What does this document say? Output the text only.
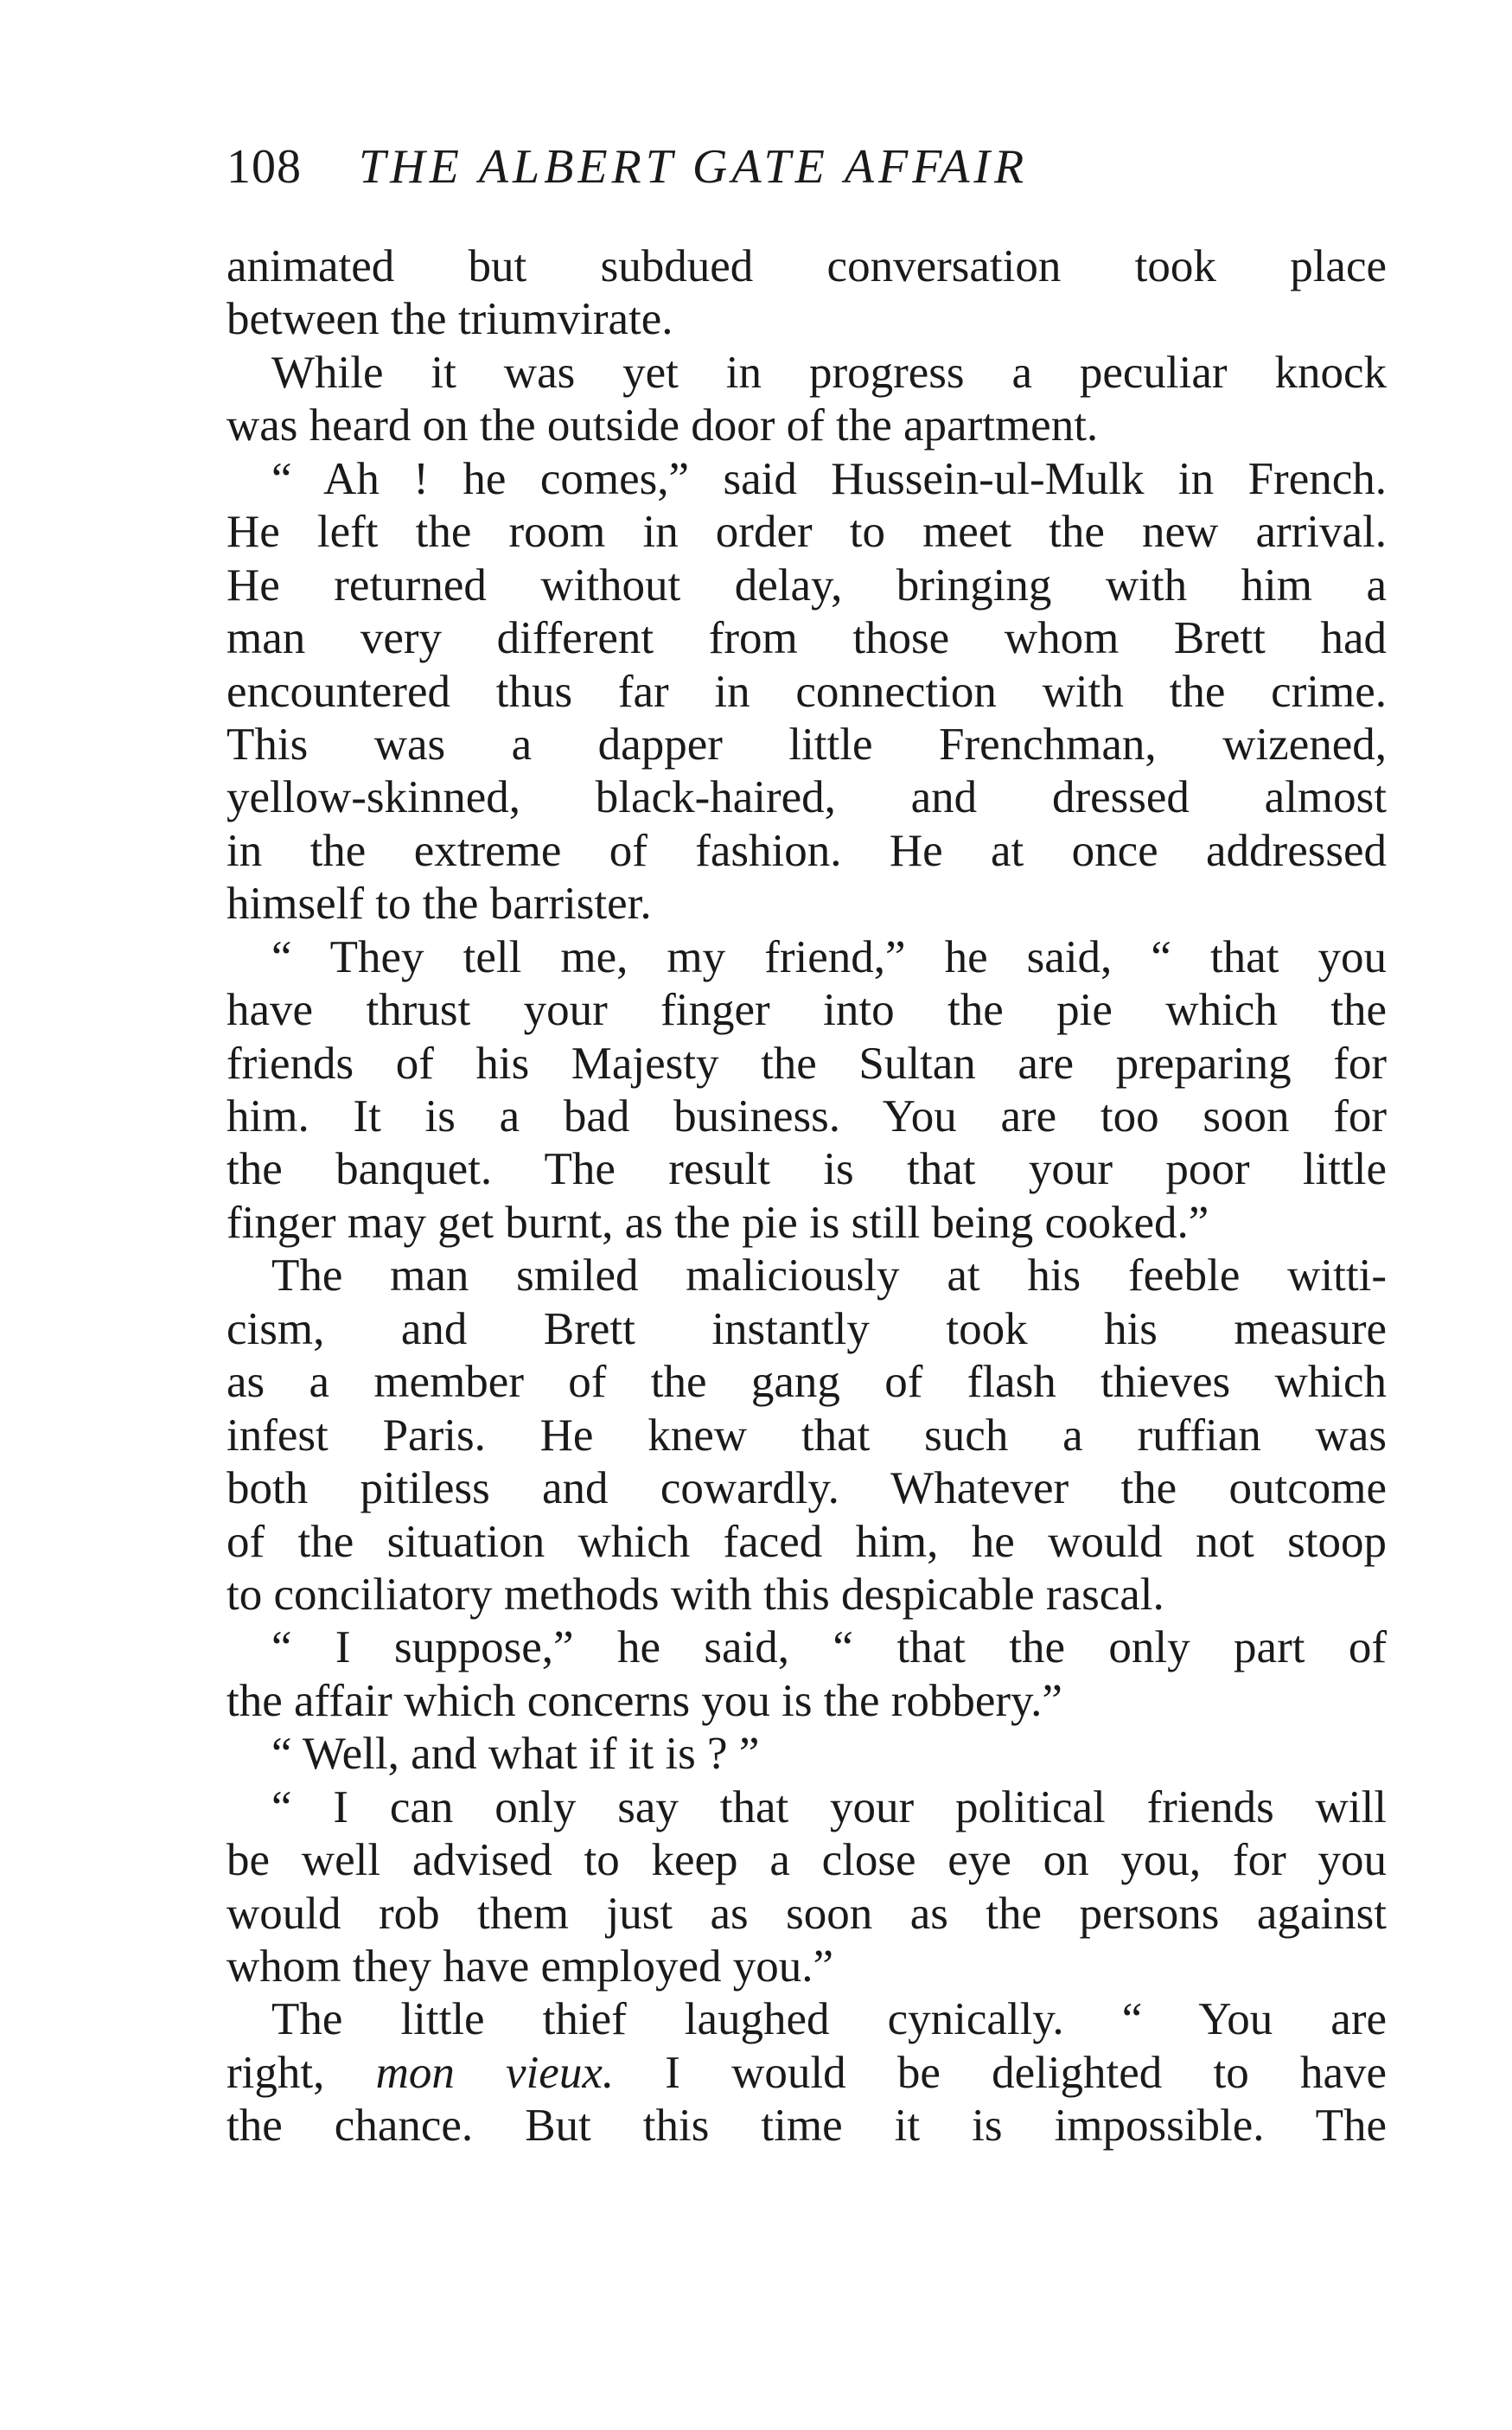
108 THE ALBERT GATE AFFAIR
animated but subdued conversation took place
between the triumvirate.
While it was yet in progress a peculiar knock
was heard on the outside door of the apartment.
“ Ah ! he comes,” said Hussein-ul-Mulk in French.
He left the room in order to meet the new arrival.
He returned without delay, bringing with him a
man very different from those whom Brett had
encountered thus far in connection with the crime.
This was a dapper little Frenchman, wizened,
yellow-skinned, black-haired, and dressed almost
in the extreme of fashion. He at once addressed
himself to the barrister.
“ They tell me, my friend,” he said, “ that you
have thrust your finger into the pie which the
friends of his Majesty the Sultan are preparing for
him. It is a bad business. You are too soon for
the banquet. The result is that your poor little
finger may get burnt, as the pie is still being cooked.”
The man smiled maliciously at his feeble witti-
cism, and Brett instantly took his measure
as a member of the gang of flash thieves which
infest Paris. He knew that such a ruffian was
both pitiless and cowardly. Whatever the outcome
of the situation which faced him, he would not stoop
to conciliatory methods with this despicable rascal.
“ I suppose,” he said, “ that the only part of
the affair which concerns you is the robbery.”
“ Well, and what if it is ? ”
“ I can only say that your political friends will
be well advised to keep a close eye on you, for you
would rob them just as soon as the persons against
whom they have employed you.”
The little thief laughed cynically. “ You are
right, mon vieux. I would be delighted to have
the chance. But this time it is impossible. The
